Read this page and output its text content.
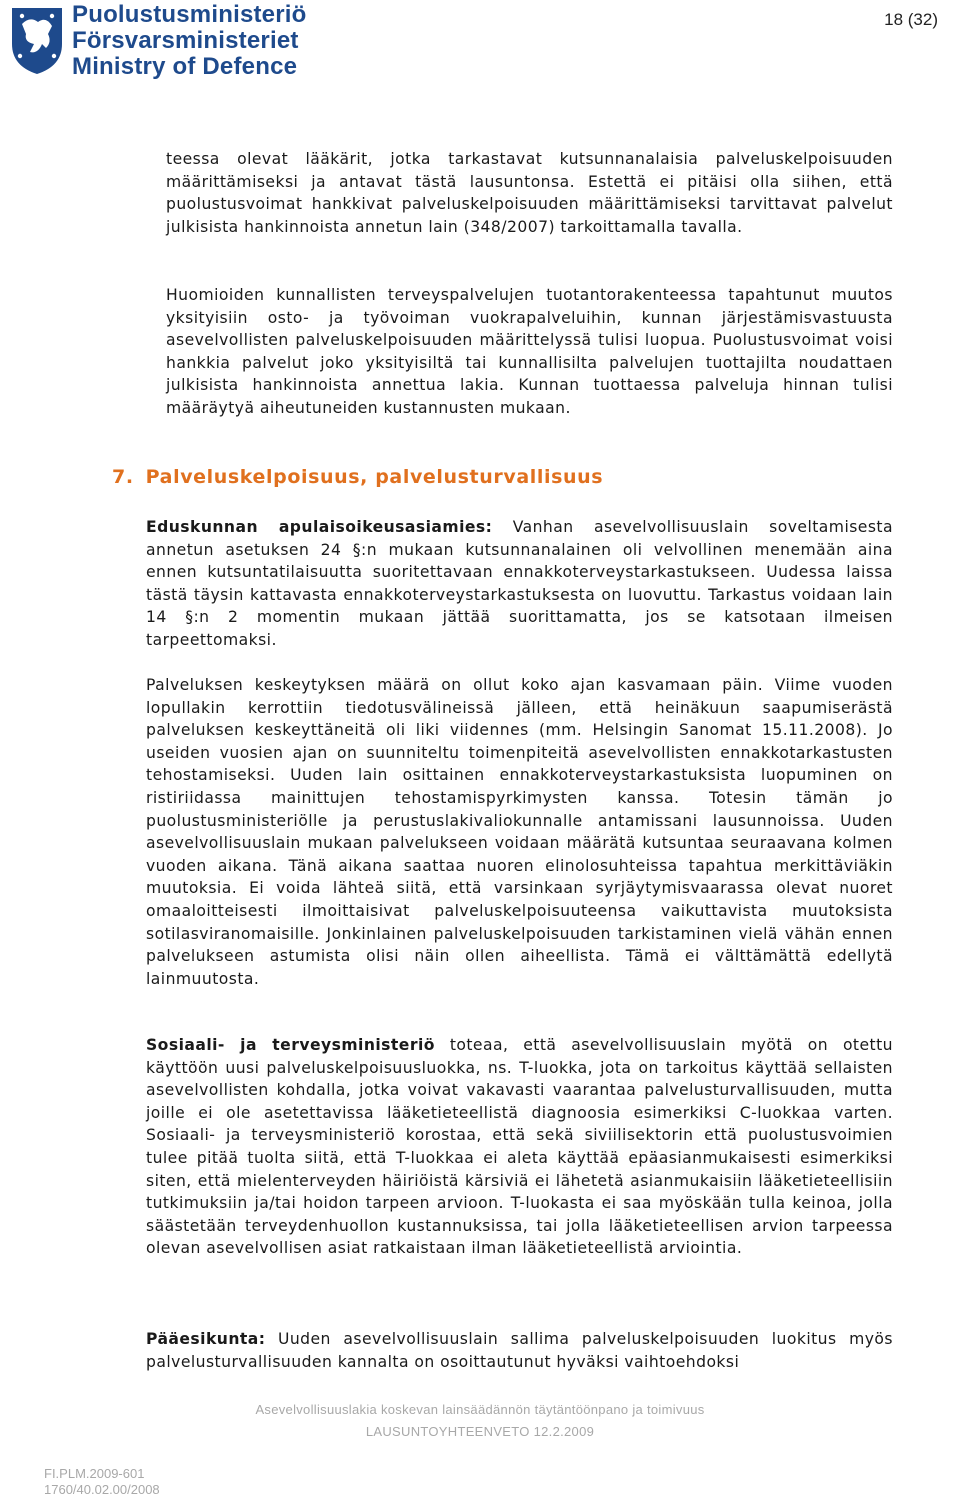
Puolustusministeriö
Försvarsministeriet
Ministry of Defence
18 (32)

teessa olevat lääkärit, jotka tarkastavat kutsunnanalaisia palveluskelpoisuuden määrittämiseksi ja antavat tästä lausuntonsa. Estettä ei pitäisi olla siihen, että puolustusvoimat hankkivat palveluskelpoisuuden määrittämiseksi tarvittavat palvelut julkisista hankinnoista annetun lain (348/2007) tarkoittamalla tavalla.

Huomioiden kunnallisten terveyspalvelujen tuotantorakenteessa tapahtunut muutos yksityisiin osto- ja työvoiman vuokrapalveluihin, kunnan järjestämisvastuusta asevelvollisten palveluskelpoisuuden määrittelyssä tulisi luopua. Puolustusvoimat voisi hankkia palvelut joko yksityisiltä tai kunnallisilta palvelujen tuottajilta noudattaen julkisista hankinnoista annettua lakia. Kunnan tuottaessa palveluja hinnan tulisi määräytyä aiheutuneiden kustannusten mukaan.

7. Palveluskelpoisuus, palvelusturvallisuus

Eduskunnan apulaisoikeusasiamies: Vanhan asevelvollisuuslain soveltamisesta annetun asetuksen 24 §:n mukaan kutsunnanalainen oli velvollinen menemään aina ennen kutsuntatilaisuutta suoritettavaan ennakkoterveystarkastukseen. Uudessa laissa tästä täysin kattavasta ennakkoterveystarkastuksesta on luovuttu. Tarkastus voidaan lain 14 §:n 2 momentin mukaan jättää suorittamatta, jos se katsotaan ilmeisen tarpeettomaksi.

Palveluksen keskeytyksen määrä on ollut koko ajan kasvamaan päin. Viime vuoden lopullakin kerrottiin tiedotusvälineissä jälleen, että heinäkuun saapumiserästä palveluksen keskeyttäneitä oli liki viidennes (mm. Helsingin Sanomat 15.11.2008). Jo useiden vuosien ajan on suunniteltu toimenpiteitä asevelvollisten ennakkotarkastusten tehostamiseksi. Uuden lain osittainen ennakkoterveystarkastuksista luopuminen on ristiriidassa mainittujen tehostamispyrkimysten kanssa. Totesin tämän jo puolustusministeriölle ja perustuslakivaliokunnalle antamissani lausunnoissa. Uuden asevelvollisuuslain mukaan palvelukseen voidaan määrätä kutsuntaa seuraavana kolmen vuoden aikana. Tänä aikana saattaa nuoren elinolosuhteissa tapahtua merkittäviäkin muutoksia. Ei voida lähteä siitä, että varsinkaan syrjäytymisvaarassa olevat nuoret omaaloitteisesti ilmoittaisivat palveluskelpoisuuteensa vaikuttavista muutoksista sotilasviranomaisille. Jonkinlainen palveluskelpoisuuden tarkistaminen vielä vähän ennen palvelukseen astumista olisi näin ollen aiheellista. Tämä ei välttämättä edellytä lainmuutosta.

Sosiaali- ja terveysministeriö toteaa, että asevelvollisuuslain myötä on otettu käyttöön uusi palveluskelpoisuusluokka, ns. T-luokka, jota on tarkoitus käyttää sellaisten asevelvollisten kohdalla, jotka voivat vakavasti vaarantaa palvelusturvallisuuden, mutta joille ei ole asetettavissa lääketieteellistä diagnoosia esimerkiksi C-luokkaa varten. Sosiaali- ja terveysministeriö korostaa, että sekä siviilisektorin että puolustusvoimien tulee pitää tuolta siitä, että T-luokkaa ei aleta käyttää epäasianmukaisesti esimerkiksi siten, että mielenterveyden häiriöistä kärsiviä ei lähetetä asianmukaisiin lääketieteellisiin tutkimuksiin ja/tai hoidon tarpeen arvioon. T-luokasta ei saa myöskään tulla keinoa, jolla säästetään terveydenhuollon kustannuksissa, tai jolla lääketieteellisen arvion tarpeessa olevan asevelvollisen asiat ratkaistaan ilman lääketieteellistä arviointia.

Pääesikunta: Uuden asevelvollisuuslain sallima palveluskelpoisuuden luokitus myös palvelusturvallisuuden kannalta on osoittautunut hyväksi vaihtoehdoksi

Asevelvollisuuslakia koskevan lainsäädännön täytäntöönpano ja toimivuus
LAUSUNTOYHTEENVETO 12.2.2009
FI.PLM.2009-601
1760/40.02.00/2008
